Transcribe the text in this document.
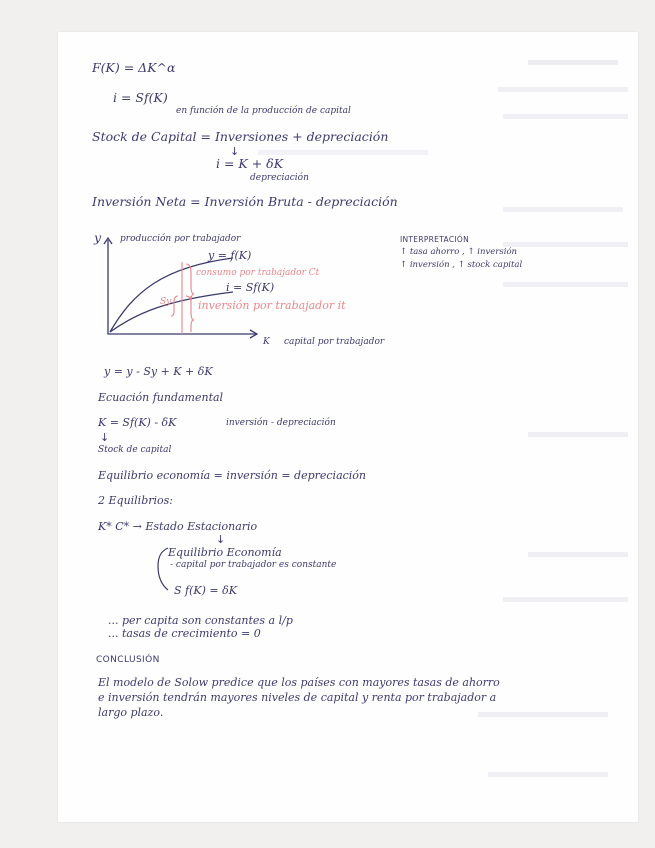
F(K) = ΔK^α
i = Sf(K)
en función de la producción de capital
Stock de Capital = Inversiones + depreciación
↓
i = K + δK
depreciación
Inversión Neta = Inversión Bruta - depreciación
y producción por trabajador
y = f(K)
consumo por trabajador Ct
i = Sf(K)
Sy inversión por trabajador it
K capital por trabajador
INTERPRETACIÓN
↑ tasa ahorro , ↑ inversión
↑ inversión , ↑ stock capital
y = y - Sy + K + δK
Ecuación fundamental
K = Sf(K) - δK	inversión - depreciación
↓
Stock de capital
Equilibrio economía = inversión = depreciación
2 Equilibrios:
K* C* → Estado Estacionario
↓
Equilibrio Economía
- capital por trabajador es constante
S f(K) = δK
... per capita son constantes a l/p
... tasas de crecimiento = 0
CONCLUSIÓN
El modelo de Solow predice que los países con mayores tasas de ahorro
e inversión tendrán mayores niveles de capital y renta por trabajador a
largo plazo.
